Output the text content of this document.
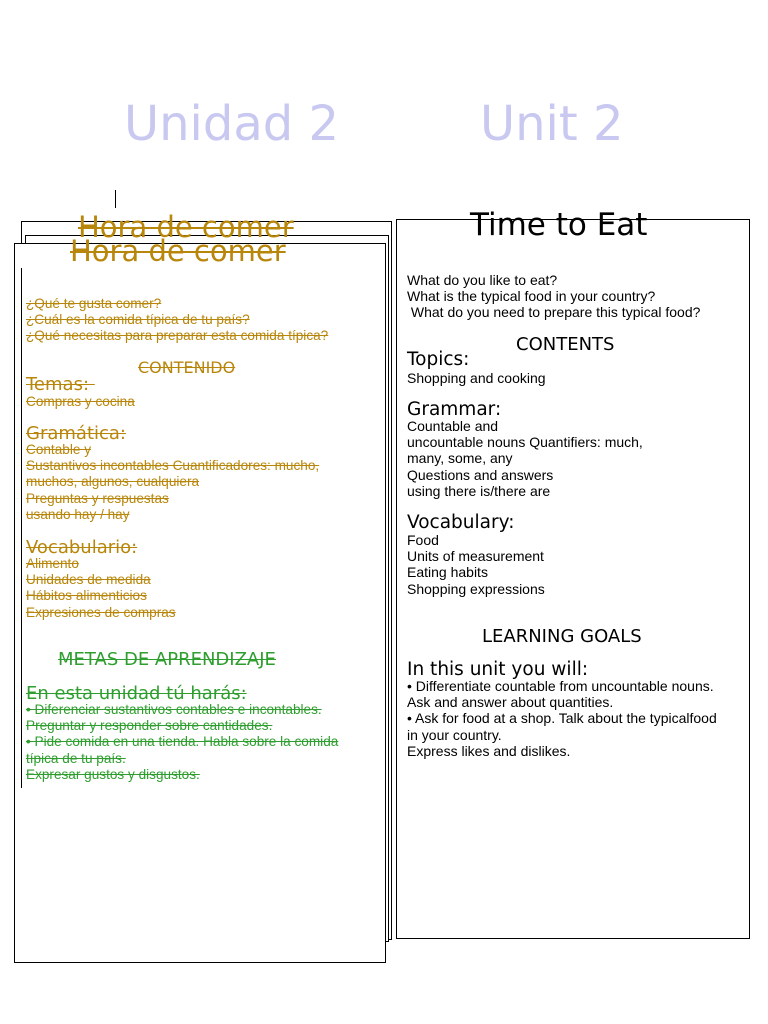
Unidad 2	Unit 2
Hora de comer
Hora de comer
¿Qué te gusta comer?
¿Cuál es la comida típica de tu país?
¿Qué necesitas para preparar esta comida típica?
CONTENIDO
Temas:
Compras y cocina
Gramática:
Contable y
Sustantivos incontables Cuantificadores: mucho,
muchos, algunos, cualquiera
Preguntas y respuestas
usando hay / hay
Vocabulario:
Alimento
Unidades de medida
Hábitos alimenticios
Expresiones de compras
METAS DE APRENDIZAJE
En esta unidad tú harás:
• Diferenciar sustantivos contables e incontables.
Preguntar y responder sobre cantidades.
• Pide comida en una tienda. Habla sobre la comida
típica de tu país.
Expresar gustos y disgustos.
Time to Eat
What do you like to eat?
What is the typical food in your country?
What do you need to prepare this typical food?
CONTENTS
Topics:
Shopping and cooking
Grammar:
Countable and
uncountable nouns Quantifiers: much,
many, some, any
Questions and answers
using there is/there are
Vocabulary:
Food
Units of measurement
Eating habits
Shopping expressions
LEARNING GOALS
In this unit you will:
• Differentiate countable from uncountable nouns.
Ask and answer about quantities.
• Ask for food at a shop. Talk about the typicalfood
in your country.
Express likes and dislikes.
